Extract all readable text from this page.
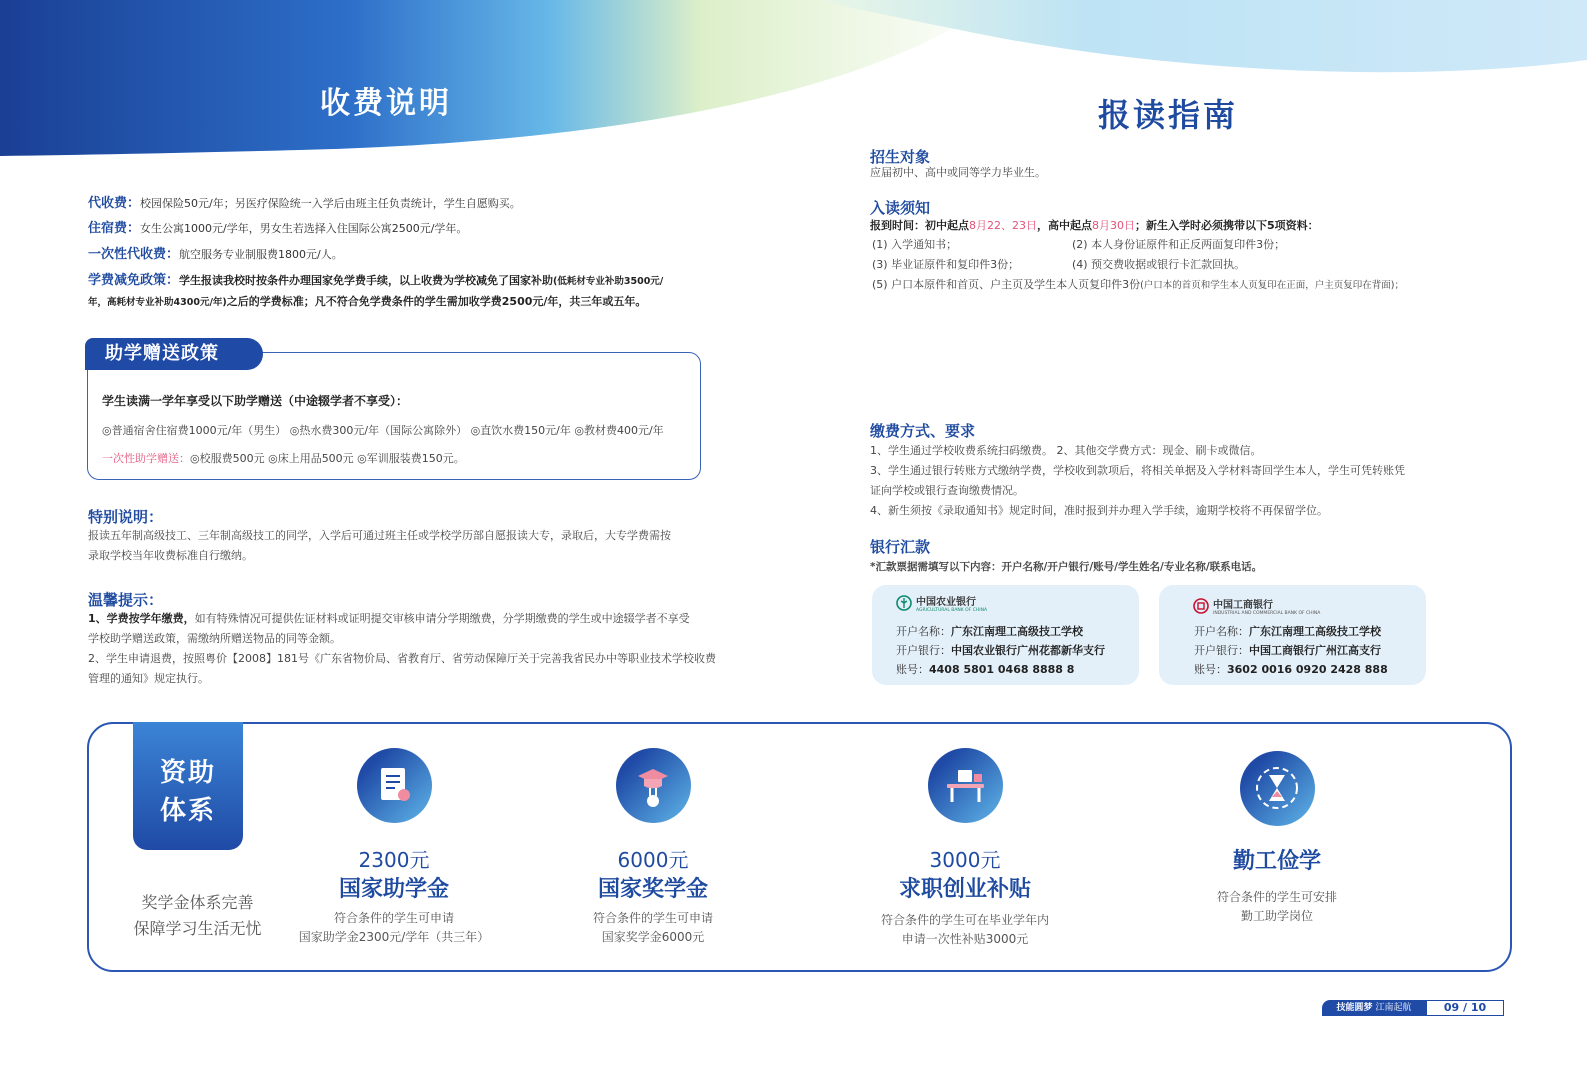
收费说明	报读指南
代收费：校园保险50元/年；另医疗保险统一入学后由班主任负责统计，学生自愿购买。
住宿费：女生公寓1000元/学年，男女生若选择入住国际公寓2500元/学年。
一次性代收费：航空服务专业制服费1800元/人。
学费减免政策：学生报读我校时按条件办理国家免学费手续，以上收费为学校减免了国家补助(低耗材专业补助3500元/
年，高耗材专业补助4300元/年)之后的学费标准；凡不符合免学费条件的学生需加收学费2500元/年，共三年或五年。
助学赠送政策
学生读满一学年享受以下助学赠送（中途辍学者不享受）：
◎普通宿舍住宿费1000元/年（男生） ◎热水费300元/年（国际公寓除外） ◎直饮水费150元/年 ◎教材费400元/年
一次性助学赠送：◎校服费500元 ◎床上用品500元 ◎军训服装费150元。
特别说明：
报读五年制高级技工、三年制高级技工的同学，入学后可通过班主任或学校学历部自愿报读大专，录取后，大专学费需按
录取学校当年收费标准自行缴纳。
温馨提示：
1、学费按学年缴费，如有特殊情况可提供佐证材料或证明提交审核申请分学期缴费，分学期缴费的学生或中途辍学者不享受
学校助学赠送政策，需缴纳所赠送物品的同等金额。
2、学生申请退费，按照粤价【2008】181号《广东省物价局、省教育厅、省劳动保障厅关于完善我省民办中等职业技术学校收费
管理的通知》规定执行。
招生对象
应届初中、高中或同等学力毕业生。
入读须知
报到时间：初中起点8月22、23日，高中起点8月30日；新生入学时必须携带以下5项资料：
(1) 入学通知书；	(2) 本人身份证原件和正反两面复印件3份；
(3) 毕业证原件和复印件3份；	(4) 预交费收据或银行卡汇款回执。
(5) 户口本原件和首页、户主页及学生本人页复印件3份(户口本的首页和学生本人页复印在正面，户主页复印在背面)；
缴费方式、要求
1、学生通过学校收费系统扫码缴费。 2、其他交学费方式：现金、刷卡或微信。
3、学生通过银行转账方式缴纳学费，学校收到款项后，将相关单据及入学材料寄回学生本人，学生可凭转账凭
证向学校或银行查询缴费情况。
4、新生须按《录取通知书》规定时间，准时报到并办理入学手续，逾期学校将不再保留学位。
银行汇款
*汇款票据需填写以下内容：开户名称/开户银行/账号/学生姓名/专业名称/联系电话。
中国农业银行
AGRICULTURAL BANK OF CHINA
开户名称：广东江南理工高级技工学校
开户银行：中国农业银行广州花都新华支行
账号：4408 5801 0468 8888 8
中国工商银行
INDUSTRIAL AND COMMERCIAL BANK OF CHINA
开户名称：广东江南理工高级技工学校
开户银行：中国工商银行广州江高支行
账号：3602 0016 0920 2428 888
资助
体系
奖学金体系完善
保障学习生活无忧
2300元
国家助学金
符合条件的学生可申请
国家助学金2300元/学年（共三年）
6000元
国家奖学金
符合条件的学生可申请
国家奖学金6000元
3000元
求职创业补贴
符合条件的学生可在毕业学年内
申请一次性补贴3000元
勤工俭学
符合条件的学生可安排
勤工助学岗位
技能圆梦 江南起航	09 / 10
